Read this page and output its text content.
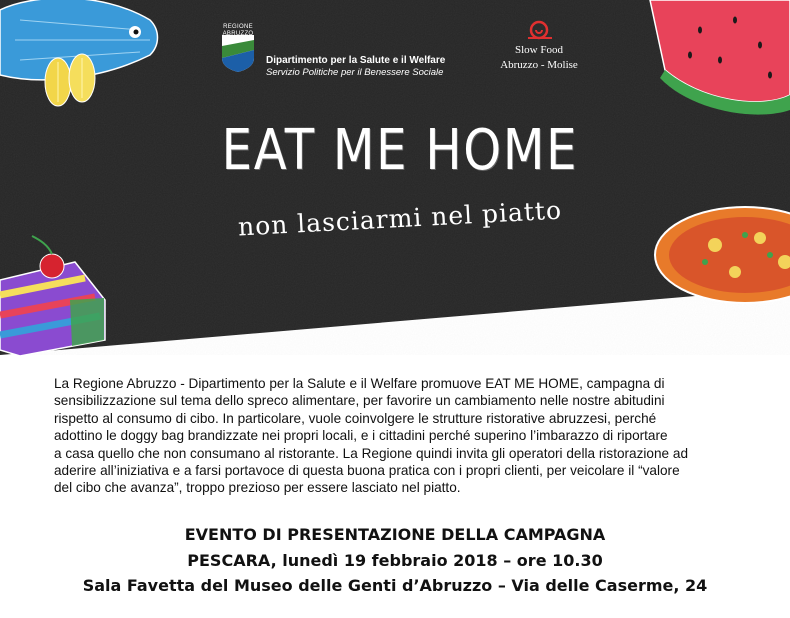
REGIONE ABRUZZO
Dipartimento per la Salute e il Welfare
Servizio Politiche per il Benessere Sociale
Slow Food
Abruzzo - Molise
EAT ME HOME
non lasciarmi nel piatto
La Regione Abruzzo - Dipartimento per la Salute e il Welfare promuove EAT ME HOME, campagna di
sensibilizzazione sul tema dello spreco alimentare, per favorire un cambiamento nelle nostre abitudini
rispetto al consumo di cibo. In particolare, vuole coinvolgere le strutture ristorative abruzzesi, perché
adottino le doggy bag brandizzate nei propri locali, e i cittadini perché superino l’imbarazzo di riportare
a casa quello che non consumano al ristorante. La Regione quindi invita gli operatori della ristorazione ad
aderire all’iniziativa e a farsi portavoce di questa buona pratica con i propri clienti, per veicolare il “valore
del cibo che avanza”, troppo prezioso per essere lasciato nel piatto.
EVENTO DI PRESENTAZIONE DELLA CAMPAGNA
PESCARA, lunedì 19 febbraio 2018 – ore 10.30
Sala Favetta del Museo delle Genti d’Abruzzo – Via delle Caserme, 24
